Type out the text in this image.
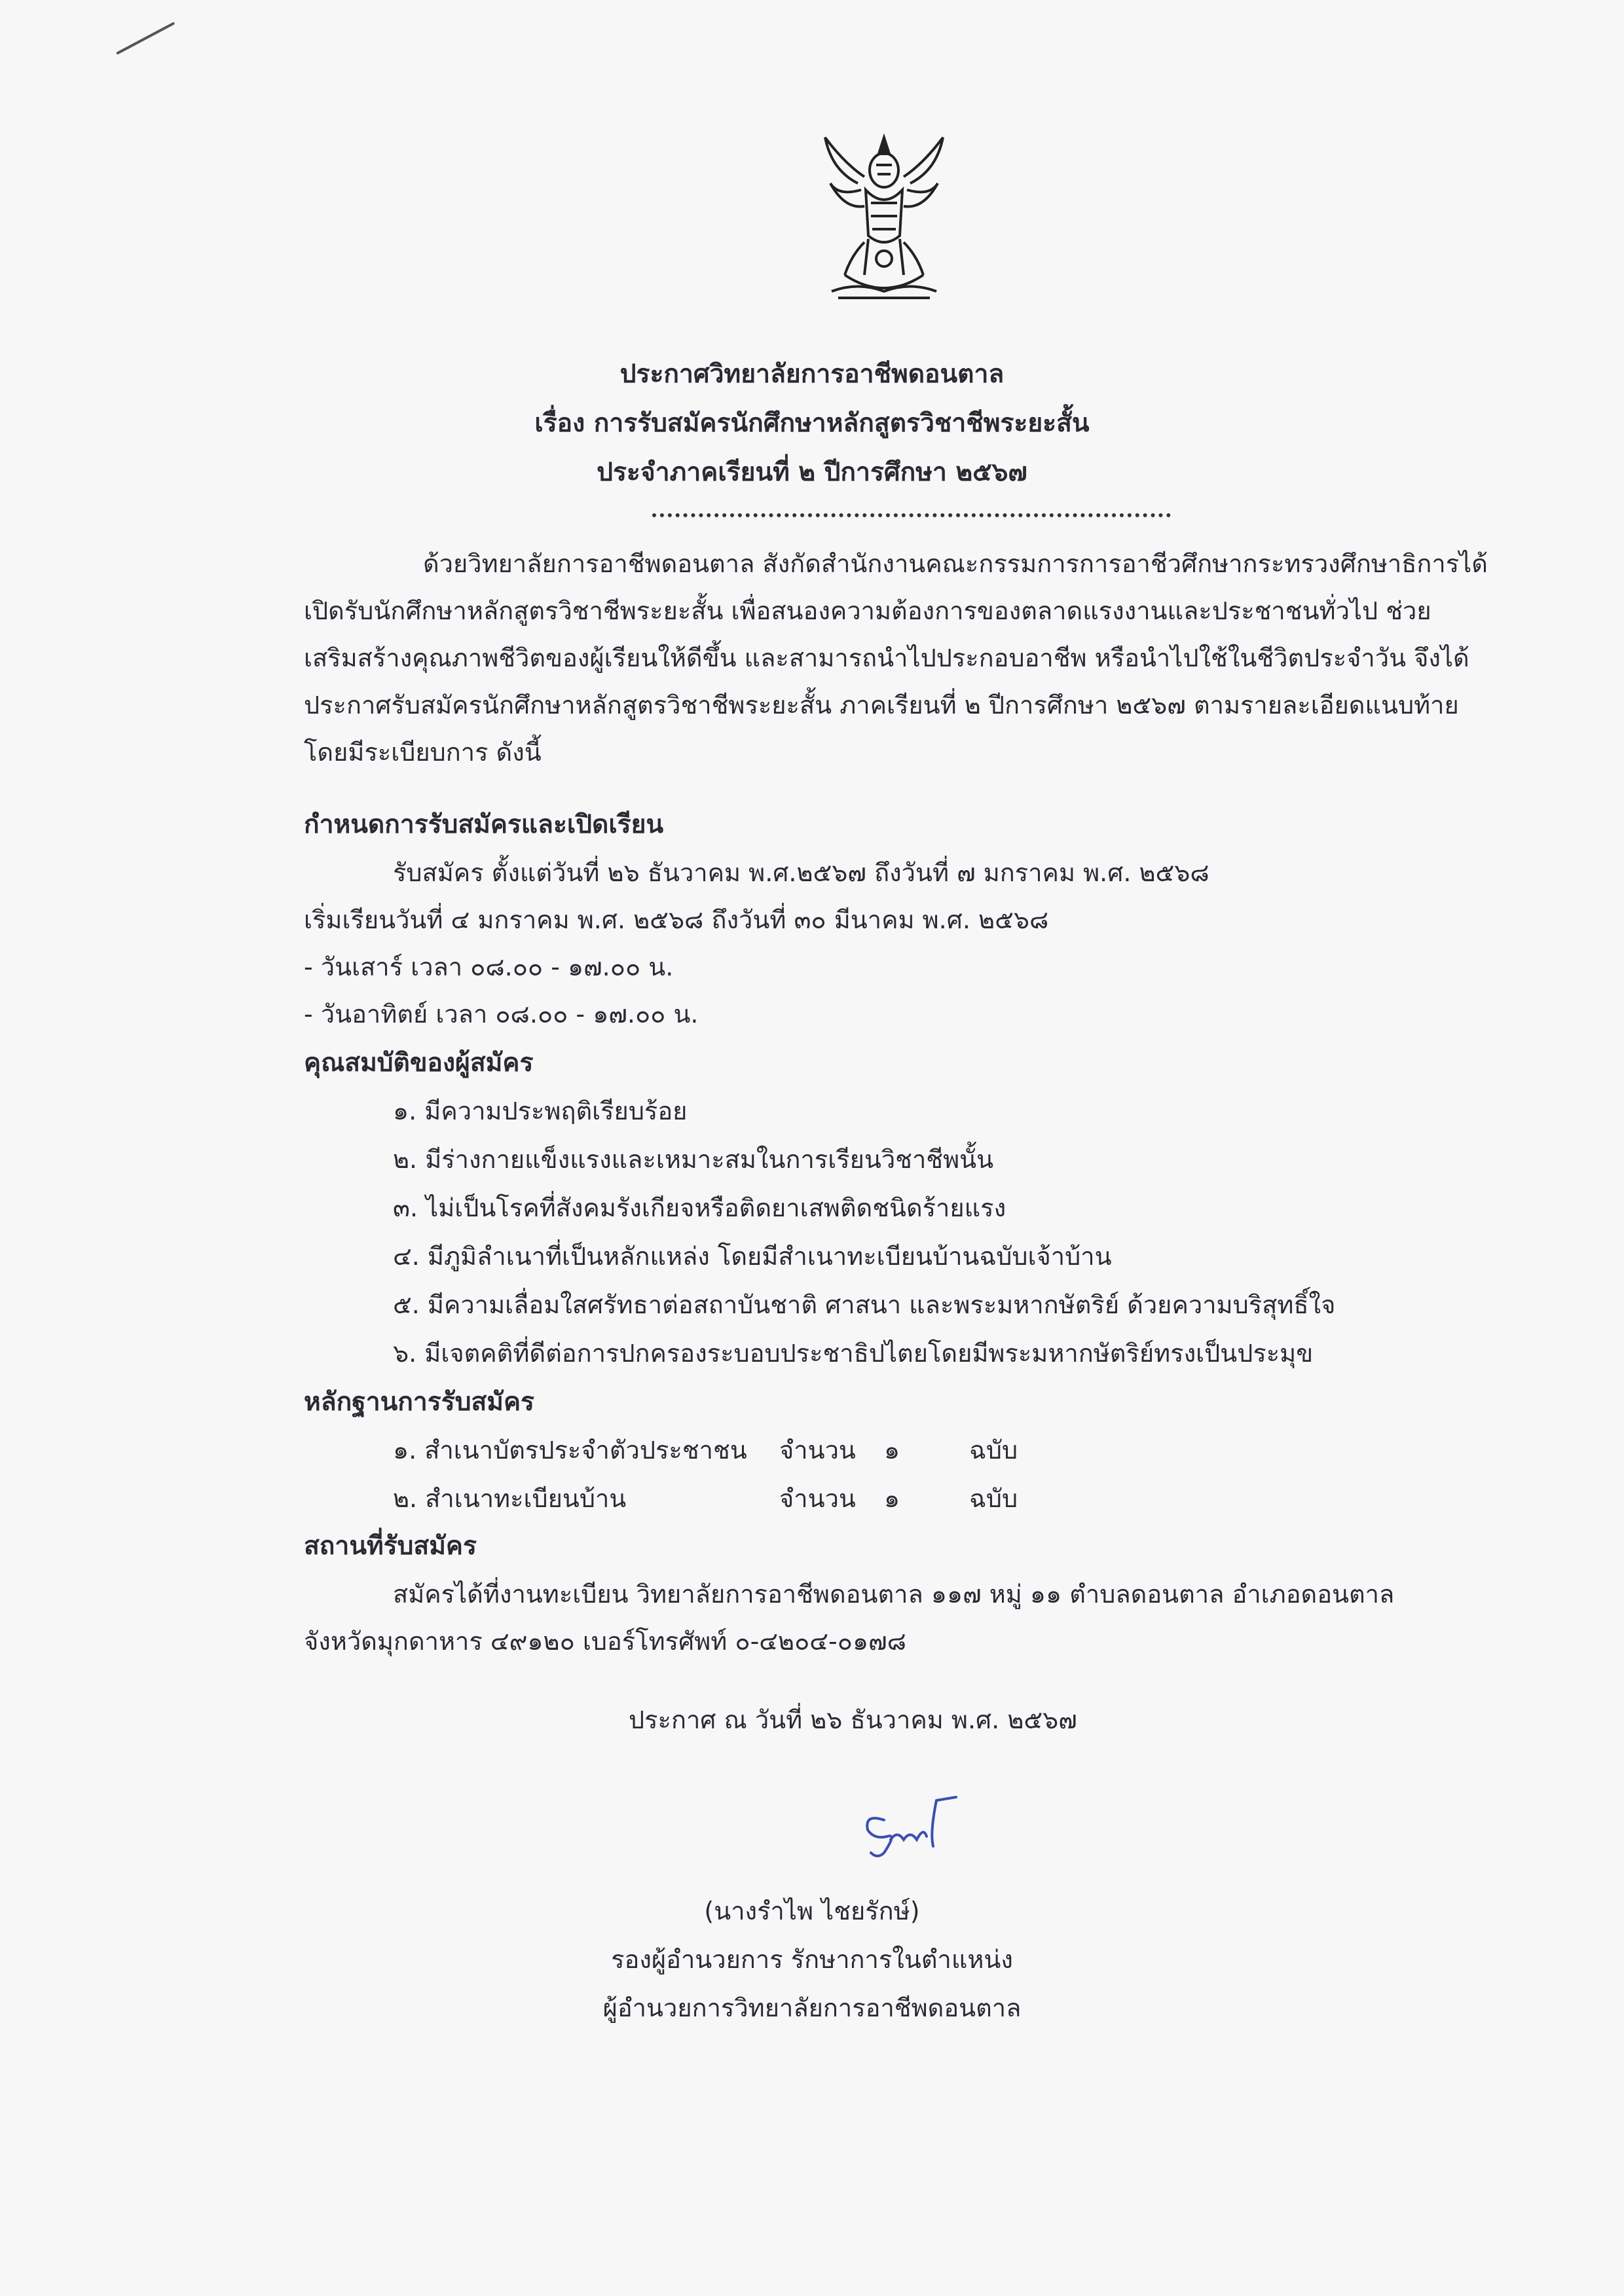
ประกาศวิทยาลัยการอาชีพดอนตาล
เรื่อง การรับสมัครนักศึกษาหลักสูตรวิชาชีพระยะสั้น
ประจำภาคเรียนที่ ๒ ปีการศึกษา ๒๕๖๗
ด้วยวิทยาลัยการอาชีพดอนตาล สังกัดสำนักงานคณะกรรมการการอาชีวศึกษากระทรวงศึกษาธิการได้
เปิดรับนักศึกษาหลักสูตรวิชาชีพระยะสั้น เพื่อสนองความต้องการของตลาดแรงงานและประชาชนทั่วไป ช่วย
เสริมสร้างคุณภาพชีวิตของผู้เรียนให้ดีขึ้น และสามารถนำไปประกอบอาชีพ หรือนำไปใช้ในชีวิตประจำวัน จึงได้
ประกาศรับสมัครนักศึกษาหลักสูตรวิชาชีพระยะสั้น ภาคเรียนที่ ๒ ปีการศึกษา ๒๕๖๗ ตามรายละเอียดแนบท้าย
โดยมีระเบียบการ ดังนี้
กำหนดการรับสมัครและเปิดเรียน
รับสมัคร ตั้งแต่วันที่ ๒๖ ธันวาคม พ.ศ.๒๕๖๗ ถึงวันที่ ๗ มกราคม พ.ศ. ๒๕๖๘
เริ่มเรียนวันที่ ๔ มกราคม พ.ศ. ๒๕๖๘ ถึงวันที่ ๓๐ มีนาคม พ.ศ. ๒๕๖๘
- วันเสาร์ เวลา ๐๘.๐๐ - ๑๗.๐๐ น.
- วันอาทิตย์ เวลา ๐๘.๐๐ - ๑๗.๐๐ น.
คุณสมบัติของผู้สมัคร
๑. มีความประพฤติเรียบร้อย
๒. มีร่างกายแข็งแรงและเหมาะสมในการเรียนวิชาชีพนั้น
๓. ไม่เป็นโรคที่สังคมรังเกียจหรือติดยาเสพติดชนิดร้ายแรง
๔. มีภูมิลำเนาที่เป็นหลักแหล่ง โดยมีสำเนาทะเบียนบ้านฉบับเจ้าบ้าน
๕. มีความเลื่อมใสศรัทธาต่อสถาบันชาติ ศาสนา และพระมหากษัตริย์ ด้วยความบริสุทธิ์ใจ
๖. มีเจตคติที่ดีต่อการปกครองระบอบประชาธิปไตยโดยมีพระมหากษัตริย์ทรงเป็นประมุข
หลักฐานการรับสมัคร
๑. สำเนาบัตรประจำตัวประชาชน จำนวน ๑	ฉบับ
๒. สำเนาทะเบียนบ้าน	จำนวน ๑	ฉบับ
สถานที่รับสมัคร
สมัครได้ที่งานทะเบียน วิทยาลัยการอาชีพดอนตาล ๑๑๗ หมู่ ๑๑ ตำบลดอนตาล อำเภอดอนตาล
จังหวัดมุกดาหาร ๔๙๑๒๐ เบอร์โทรศัพท์ ๐-๔๒๐๔-๐๑๗๘
ประกาศ ณ วันที่ ๒๖ ธันวาคม พ.ศ. ๒๕๖๗
(นางรำไพ ไชยรักษ์)
รองผู้อำนวยการ รักษาการในตำแหน่ง
ผู้อำนวยการวิทยาลัยการอาชีพดอนตาล
